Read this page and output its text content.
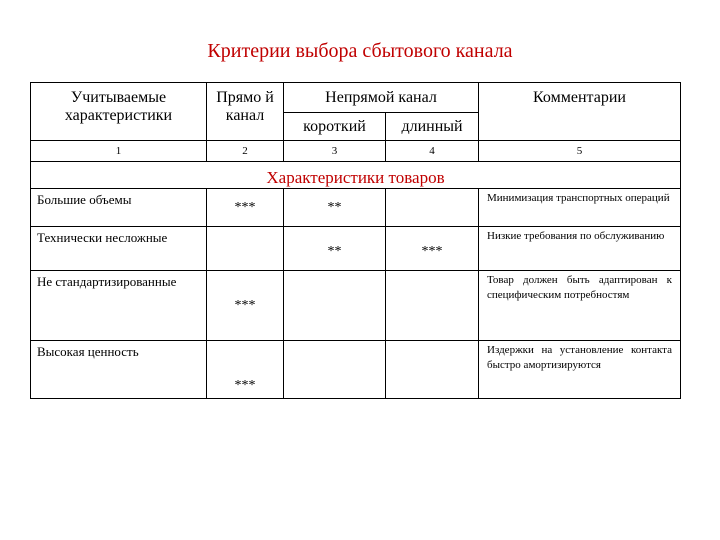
Критерии выбора сбытового канала
Учитываемые характеристики	Прямо й канал	Непрямой канал		Комментарии
		короткий	длинный	
1	2	3	4	5
Характеристики товаров				
Большие объемы	***	**		Минимизация транспортных операций
Технически несложные		**	***	Низкие требования по обслуживанию
Не стандартизированные	***			Товар должен быть адаптирован к специфическим потребностям
Высокая ценность	***			Издержки на установление контакта быстро амортизируются
